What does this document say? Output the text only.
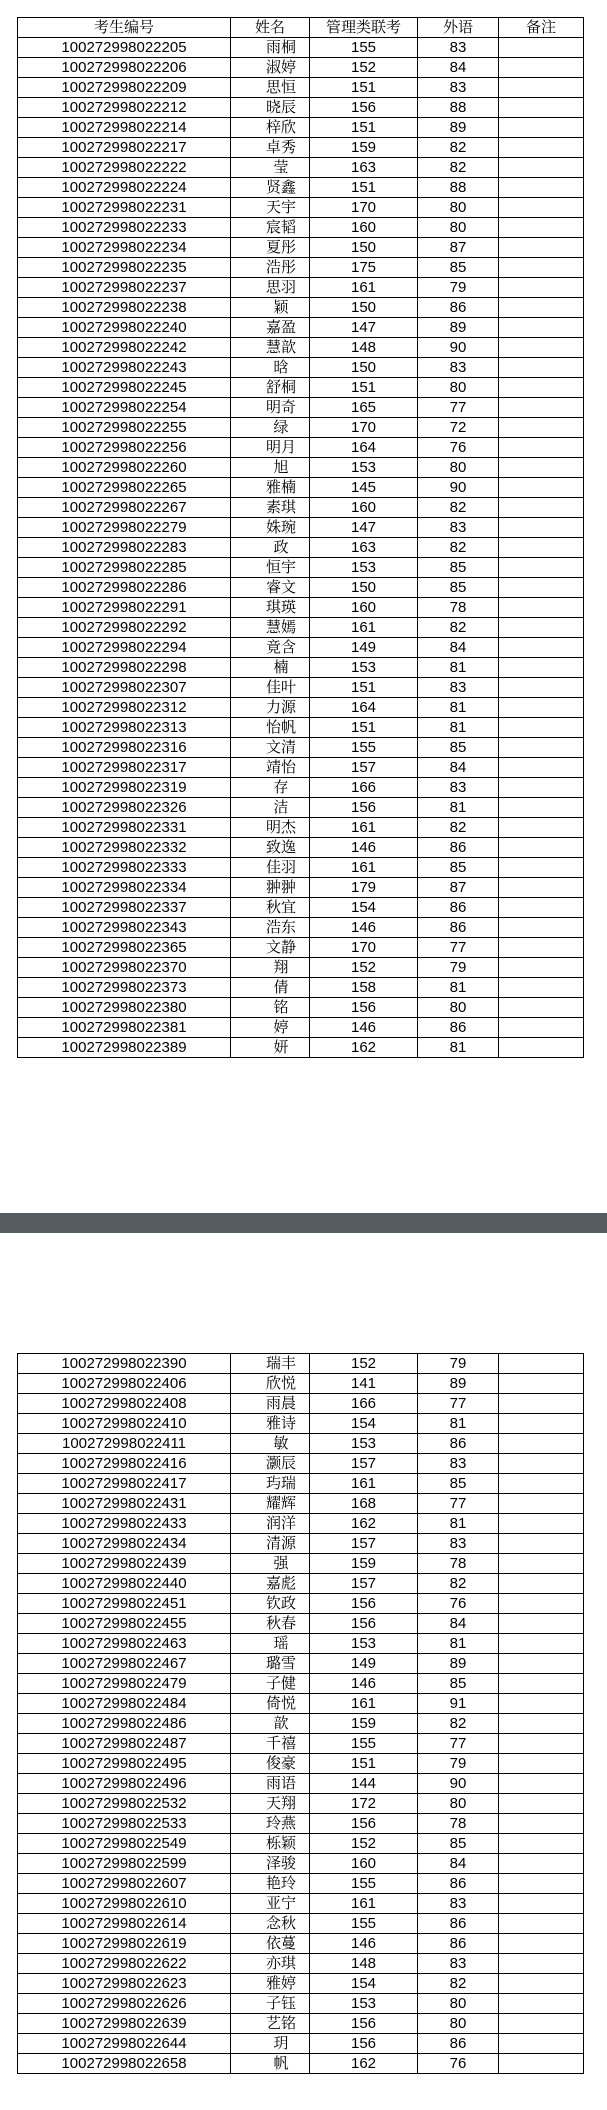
考生编号	姓名	管理类联考	外语	备注
100272998022205	雨桐	155	83	
100272998022206	淑婷	152	84	
100272998022209	思恒	151	83	
100272998022212	晓辰	156	88	
100272998022214	梓欣	151	89	
100272998022217	卓秀	159	82	
100272998022222	莹	163	82	
100272998022224	贤鑫	151	88	
100272998022231	天宇	170	80	
100272998022233	宸韬	160	80	
100272998022234	夏彤	150	87	
100272998022235	浩彤	175	85	
100272998022237	思羽	161	79	
100272998022238	颖	150	86	
100272998022240	嘉盈	147	89	
100272998022242	慧歆	148	90	
100272998022243	晗	150	83	
100272998022245	舒桐	151	80	
100272998022254	明奇	165	77	
100272998022255	绿	170	72	
100272998022256	明月	164	76	
100272998022260	旭	153	80	
100272998022265	雅楠	145	90	
100272998022267	素琪	160	82	
100272998022279	姝琬	147	83	
100272998022283	政	163	82	
100272998022285	恒宇	153	85	
100272998022286	睿文	150	85	
100272998022291	琪瑛	160	78	
100272998022292	慧嫣	161	82	
100272998022294	竟含	149	84	
100272998022298	楠	153	81	
100272998022307	佳叶	151	83	
100272998022312	力源	164	81	
100272998022313	怡帆	151	81	
100272998022316	文清	155	85	
100272998022317	靖怡	157	84	
100272998022319	存	166	83	
100272998022326	洁	156	81	
100272998022331	明杰	161	82	
100272998022332	致逸	146	86	
100272998022333	佳羽	161	85	
100272998022334	翀翀	179	87	
100272998022337	秋宜	154	86	
100272998022343	浩东	146	86	
100272998022365	文静	170	77	
100272998022370	翔	152	79	
100272998022373	倩	158	81	
100272998022380	铭	156	80	
100272998022381	婷	146	86	
100272998022389	妍	162	81	
100272998022390	瑞丰	152	79	
100272998022406	欣悦	141	89	
100272998022408	雨晨	166	77	
100272998022410	雅诗	154	81	
100272998022411	敏	153	86	
100272998022416	灏辰	157	83	
100272998022417	玙瑞	161	85	
100272998022431	耀辉	168	77	
100272998022433	润洋	162	81	
100272998022434	清源	157	83	
100272998022439	强	159	78	
100272998022440	嘉彪	157	82	
100272998022451	钦政	156	76	
100272998022455	秋春	156	84	
100272998022463	瑶	153	81	
100272998022467	璐雪	149	89	
100272998022479	子健	146	85	
100272998022484	倚悦	161	91	
100272998022486	歆	159	82	
100272998022487	千禧	155	77	
100272998022495	俊豪	151	79	
100272998022496	雨语	144	90	
100272998022532	天翔	172	80	
100272998022533	玲燕	156	78	
100272998022549	栎颖	152	85	
100272998022599	泽骏	160	84	
100272998022607	艳玲	155	86	
100272998022610	亚宁	161	83	
100272998022614	念秋	155	86	
100272998022619	依蔓	146	86	
100272998022622	亦琪	148	83	
100272998022623	雅婷	154	82	
100272998022626	子钰	153	80	
100272998022639	艺铭	156	80	
100272998022644	玥	156	86	
100272998022658	帆	162	76	
